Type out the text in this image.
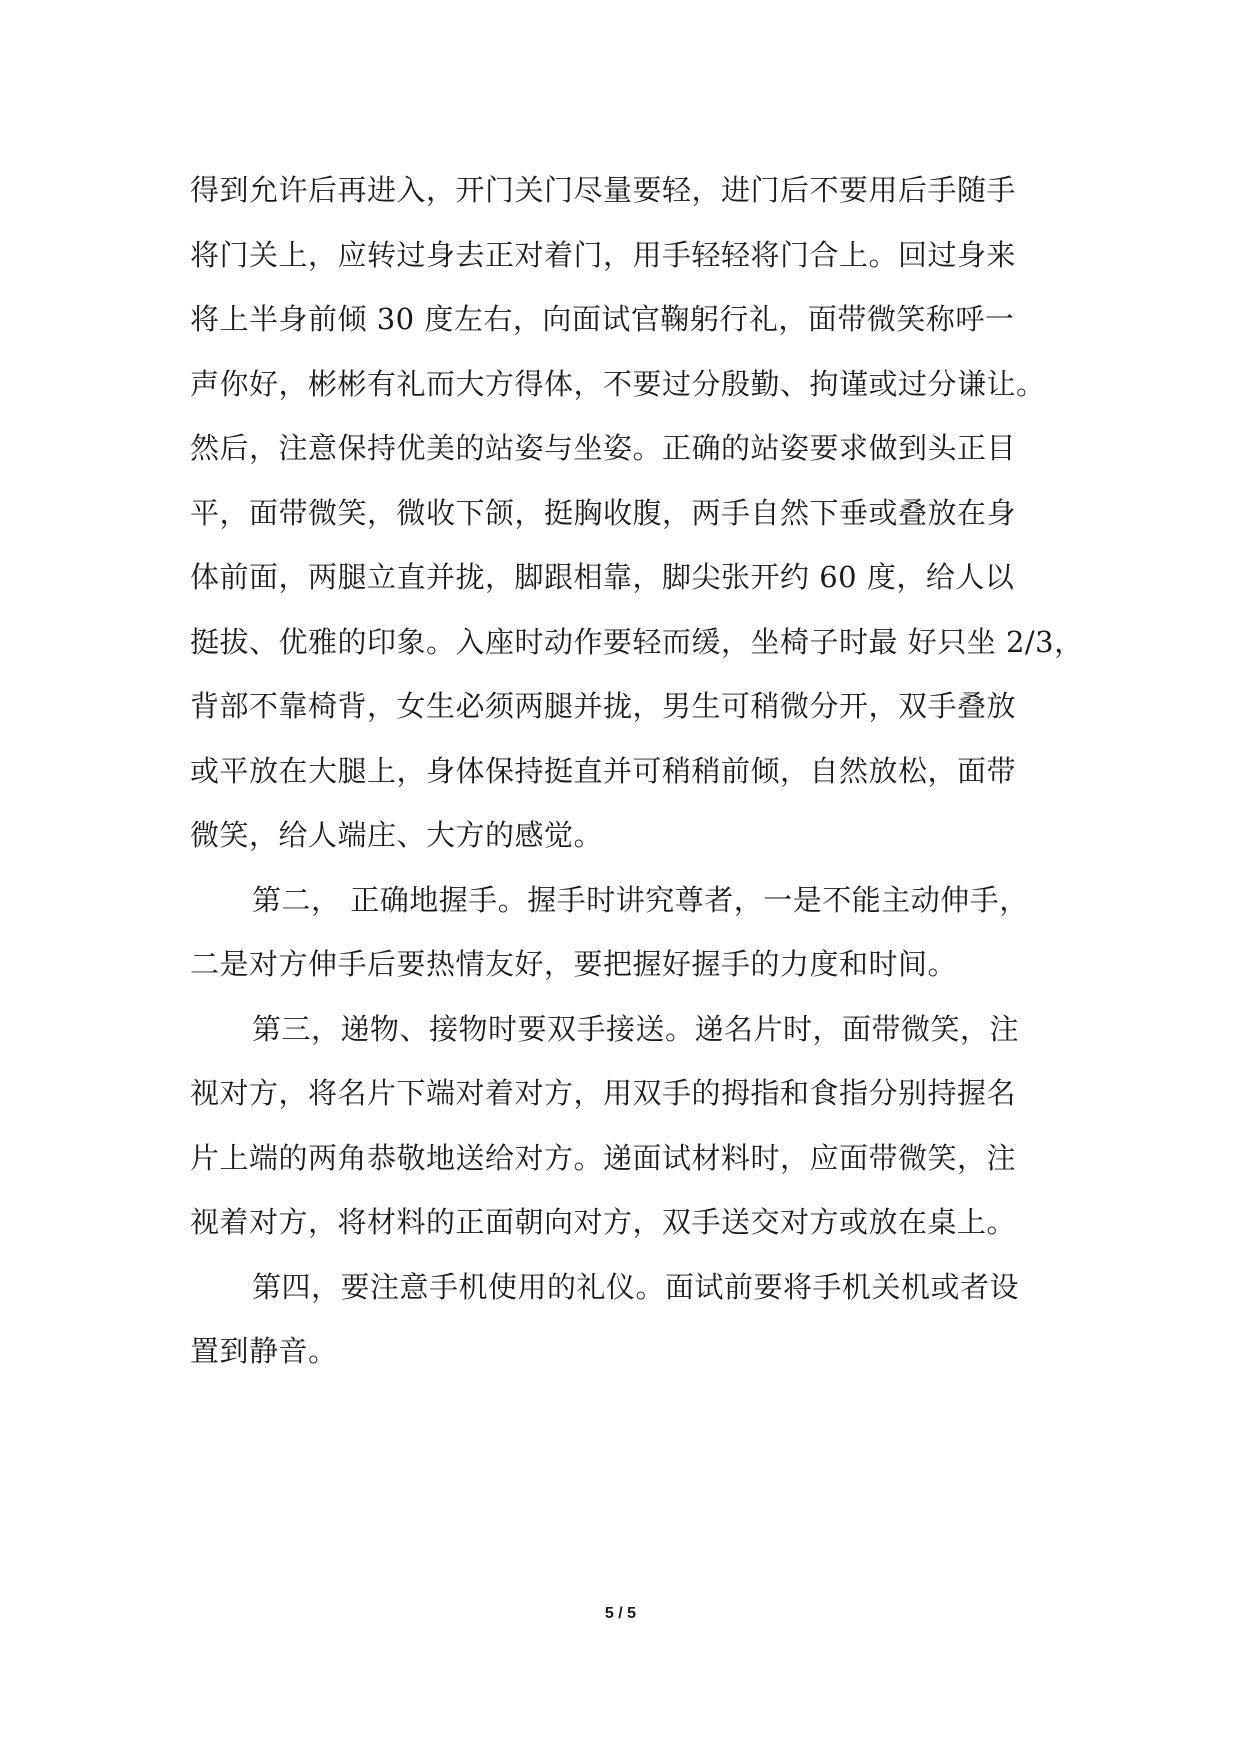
得到允许后再进入，开门关门尽量要轻，进门后不要用后手随手
将门关上，应转过身去正对着门，用手轻轻将门合上。回过身来
将上半身前倾 30 度左右，向面试官鞠躬行礼，面带微笑称呼一
声你好，彬彬有礼而大方得体，不要过分殷勤、拘谨或过分谦让。
然后，注意保持优美的站姿与坐姿。正确的站姿要求做到头正目
平，面带微笑，微收下颌，挺胸收腹，两手自然下垂或叠放在身
体前面，两腿立直并拢，脚跟相靠，脚尖张开约 60 度，给人以
挺拔、优雅的印象。入座时动作要轻而缓，坐椅子时最 好只坐 2/3，
背部不靠椅背，女生必须两腿并拢，男生可稍微分开，双手叠放
或平放在大腿上，身体保持挺直并可稍稍前倾，自然放松，面带
微笑，给人端庄、大方的感觉。
第二， 正确地握手。握手时讲究尊者，一是不能主动伸手，
二是对方伸手后要热情友好，要把握好握手的力度和时间。
第三，递物、接物时要双手接送。递名片时，面带微笑，注
视对方，将名片下端对着对方，用双手的拇指和食指分别持握名
片上端的两角恭敬地送给对方。递面试材料时，应面带微笑，注
视着对方，将材料的正面朝向对方，双手送交对方或放在桌上。
第四，要注意手机使用的礼仪。面试前要将手机关机或者设
置到静音。
5 / 5
